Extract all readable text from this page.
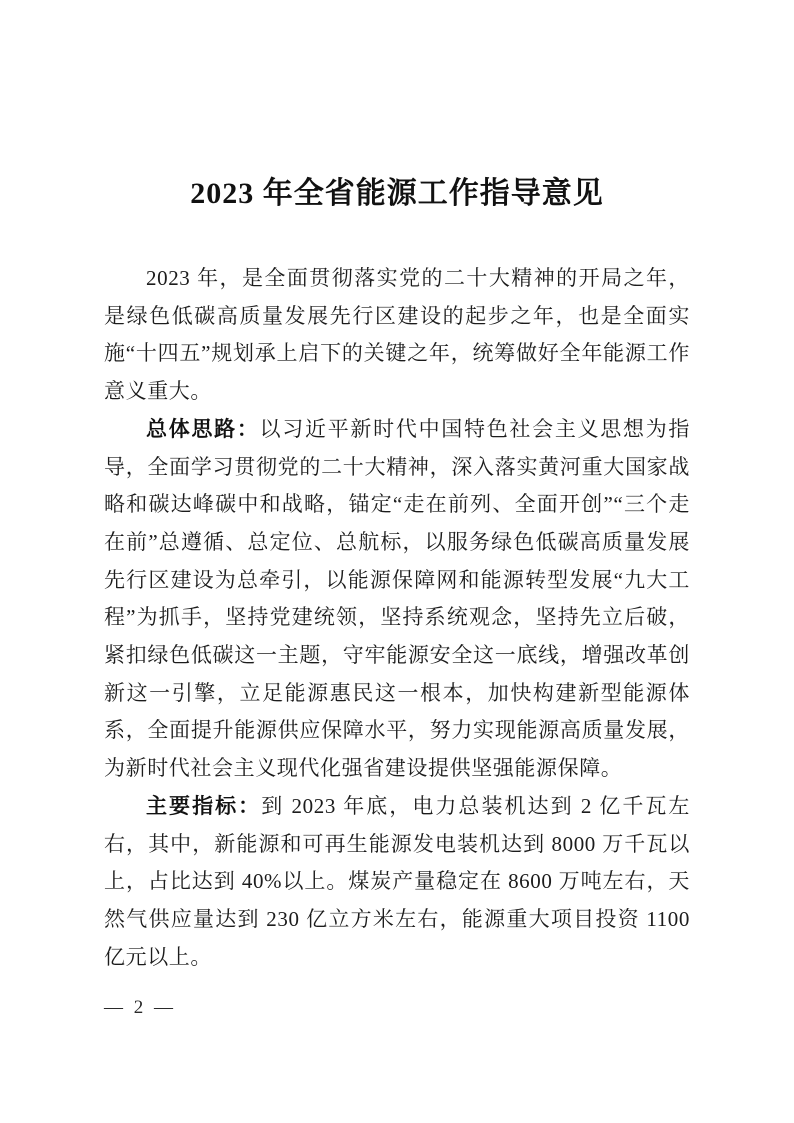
2023 年全省能源工作指导意见

2023 年，是全面贯彻落实党的二十大精神的开局之年，是绿色低碳高质量发展先行区建设的起步之年，也是全面实施“十四五”规划承上启下的关键之年，统筹做好全年能源工作意义重大。

总体思路：以习近平新时代中国特色社会主义思想为指导，全面学习贯彻党的二十大精神，深入落实黄河重大国家战略和碳达峰碳中和战略，锚定“走在前列、全面开创”“三个走在前”总遵循、总定位、总航标，以服务绿色低碳高质量发展先行区建设为总牵引，以能源保障网和能源转型发展“九大工程”为抓手，坚持党建统领，坚持系统观念，坚持先立后破，紧扣绿色低碳这一主题，守牢能源安全这一底线，增强改革创新这一引擎，立足能源惠民这一根本，加快构建新型能源体系，全面提升能源供应保障水平，努力实现能源高质量发展，为新时代社会主义现代化强省建设提供坚强能源保障。

主要指标：到 2023 年底，电力总装机达到 2 亿千瓦左右，其中，新能源和可再生能源发电装机达到 8000 万千瓦以上，占比达到 40%以上。煤炭产量稳定在 8600 万吨左右，天然气供应量达到 230 亿立方米左右，能源重大项目投资 1100 亿元以上。

— 2 —
